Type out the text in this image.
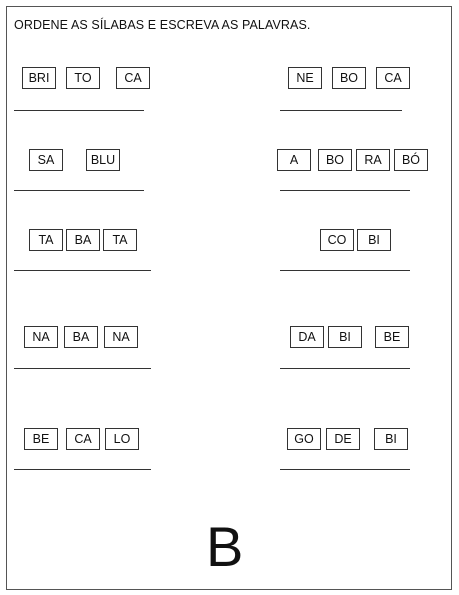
ORDENE AS SÍLABAS E ESCREVA AS PALAVRAS.
BRI	TO	CA	NE	BO	CA
SA	BLU	A	BO	RA	BÓ
TA	BA	TA	CO	BI
NA	BA	NA	DA	BI	BE
BE	CA	LO	GO	DE	BI
B
